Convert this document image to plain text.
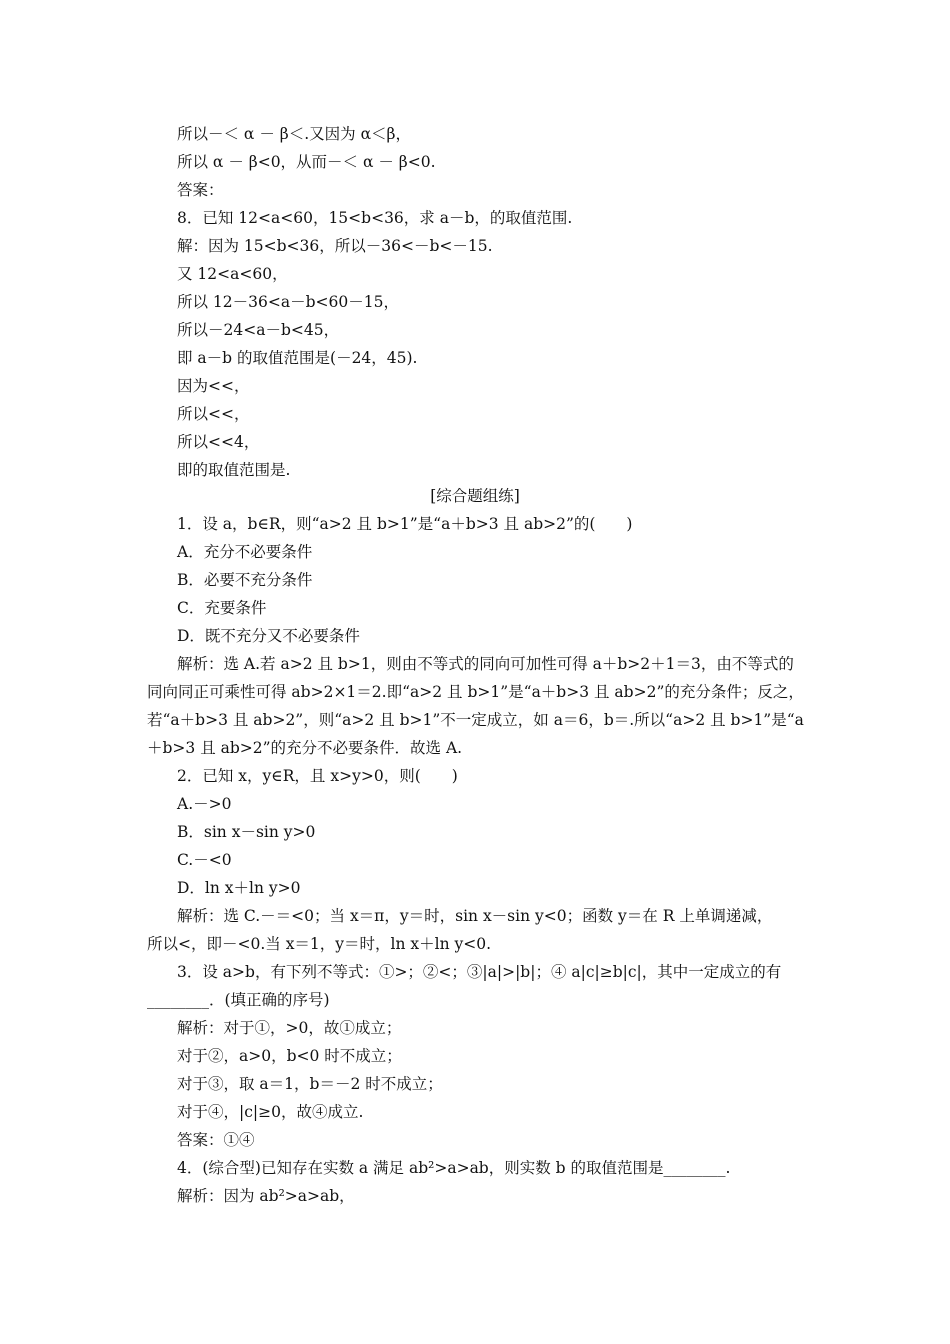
所以－＜ α － β＜.又因为 α＜β，
所以 α － β<0，从而－＜ α － β<0.
答案：
8．已知 12<a<60，15<b<36，求 a－b，的取值范围.
解：因为 15<b<36，所以－36<－b<－15.
又 12<a<60，
所以 12－36<a－b<60－15，
所以－24<a－b<45，
即 a－b 的取值范围是(－24，45).
因为<<，
所以<<，
所以<<4，
即的取值范围是.
[综合题组练]
1．设 a，b∈R，则“a>2 且 b>1”是“a＋b>3 且 ab>2”的(　　)
A．充分不必要条件
B．必要不充分条件
C．充要条件
D．既不充分又不必要条件
解析：选 A.若 a>2 且 b>1，则由不等式的同向可加性可得 a＋b>2＋1＝3，由不等式的
同向同正可乘性可得 ab>2×1＝2.即“a>2 且 b>1”是“a＋b>3 且 ab>2”的充分条件；反之，
若“a＋b>3 且 ab>2”，则“a>2 且 b>1”不一定成立，如 a＝6，b＝.所以“a>2 且 b>1”是“a
＋b>3 且 ab>2”的充分不必要条件．故选 A.
2．已知 x，y∈R，且 x>y>0，则(　　)
A.－>0
B．sin x－sin y>0
C.－<0
D．ln x＋ln y>0
解析：选 C.－＝<0；当 x＝π，y＝时，sin x－sin y<0；函数 y＝在 R 上单调递减，
所以<，即－<0.当 x＝1，y＝时，ln x＋ln y<0.
3．设 a>b，有下列不等式：①>；②<；③|a|>|b|；④ a|c|≥b|c|，其中一定成立的有
________．(填正确的序号)
解析：对于①，>0，故①成立；
对于②，a>0，b<0 时不成立；
对于③，取 a＝1，b＝－2 时不成立；
对于④，|c|≥0，故④成立.
答案：①④
4．(综合型)已知存在实数 a 满足 ab²>a>ab，则实数 b 的取值范围是________.
解析：因为 ab²>a>ab，
